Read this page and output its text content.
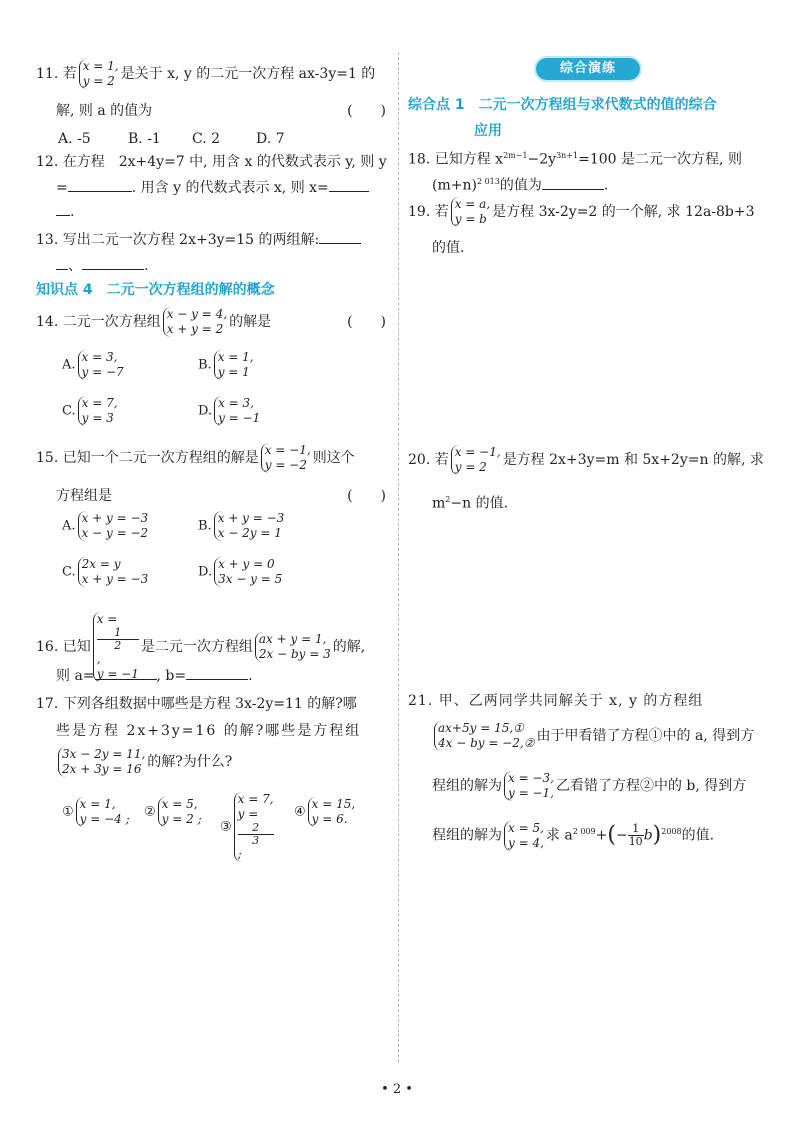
11. 若 x = 1,
y = 2 是关于 x, y 的二元一次方程 ax-3y=1 的
解, 则 a 的值为	(　　)
A. -5	B. -1 C. 2	D. 7
12. 在方程　2x+4y=7 中, 用含 x 的代数式表示 y, 则 y
=	. 用含 y 的代数式表示 x, 则 x=
.
13. 写出二元一次方程 2x+3y=15 的两组解:
、	.
知识点 4　二元一次方程组的解的概念
14. 二元一次方程组 x − y = 4,
x + y = 2 的解是	(　　)
A.
x = 3,
y = −7	B.
x = 1,
y = 1
C.
x = 7,
y = 3	D.
x = 3,
y = −1
15. 已知一个二元一次方程组的解是 x = −1,
y = −2 则这个
方程组是	(　　)
A.
x + y = −3
x − y = −2	B.
x + y = −3
x − 2y = 1
C.
2x = y
x + y = −3	D.
x + y = 0
3x − y = 5
16. 已知
x =
1
2
,
y = −1
是二元一次方程组 ax + y = 1,
2x − by = 3 的解,
则 a=	, b=	.
17. 下列各组数据中哪些是方程 3x-2y=11 的解?哪
些是方程 2x+3y=16 的解?哪些是方程组
3x − 2y = 11,
2x + 3y = 16 的解?为什么?
①
x = 1,
y = −4 ; ②
x = 5,
y = 2 ;
③
x = 7,
y =
2
3
;
④
x = 15,
y = 6.
综合演练
综合点 1　二元一次方程组与求代数式的值的综合
应用
18. 已知方程 $x^{2m-1}-2y^{3n+1}=100$ 是二元一次方程, 则
$(m+n)^{2 013}$的值为	.
19. 若 x = a,
y = b 是方程 3x-2y=2 的一个解, 求 12a-8b+3
的值.
20. 若 x = −1,
y = 2	是方程 2x+3y=m 和 5x+2y=n 的解, 求
$m^2-n$ 的值.
21. 甲、乙两同学共同解关于 x, y 的方程组
ax+5y = 15,①
4x − by = −2,② 由于甲看错了方程①中的 a, 得到方
程组的解为 x = −3,
y = −1, 乙看错了方程②中的 b, 得到方
程组的解为 x = 5,
y = 4, 求 $a^{2 009}+(- \frac{1}{10} b)^{2008}$的值.
• 2 •
